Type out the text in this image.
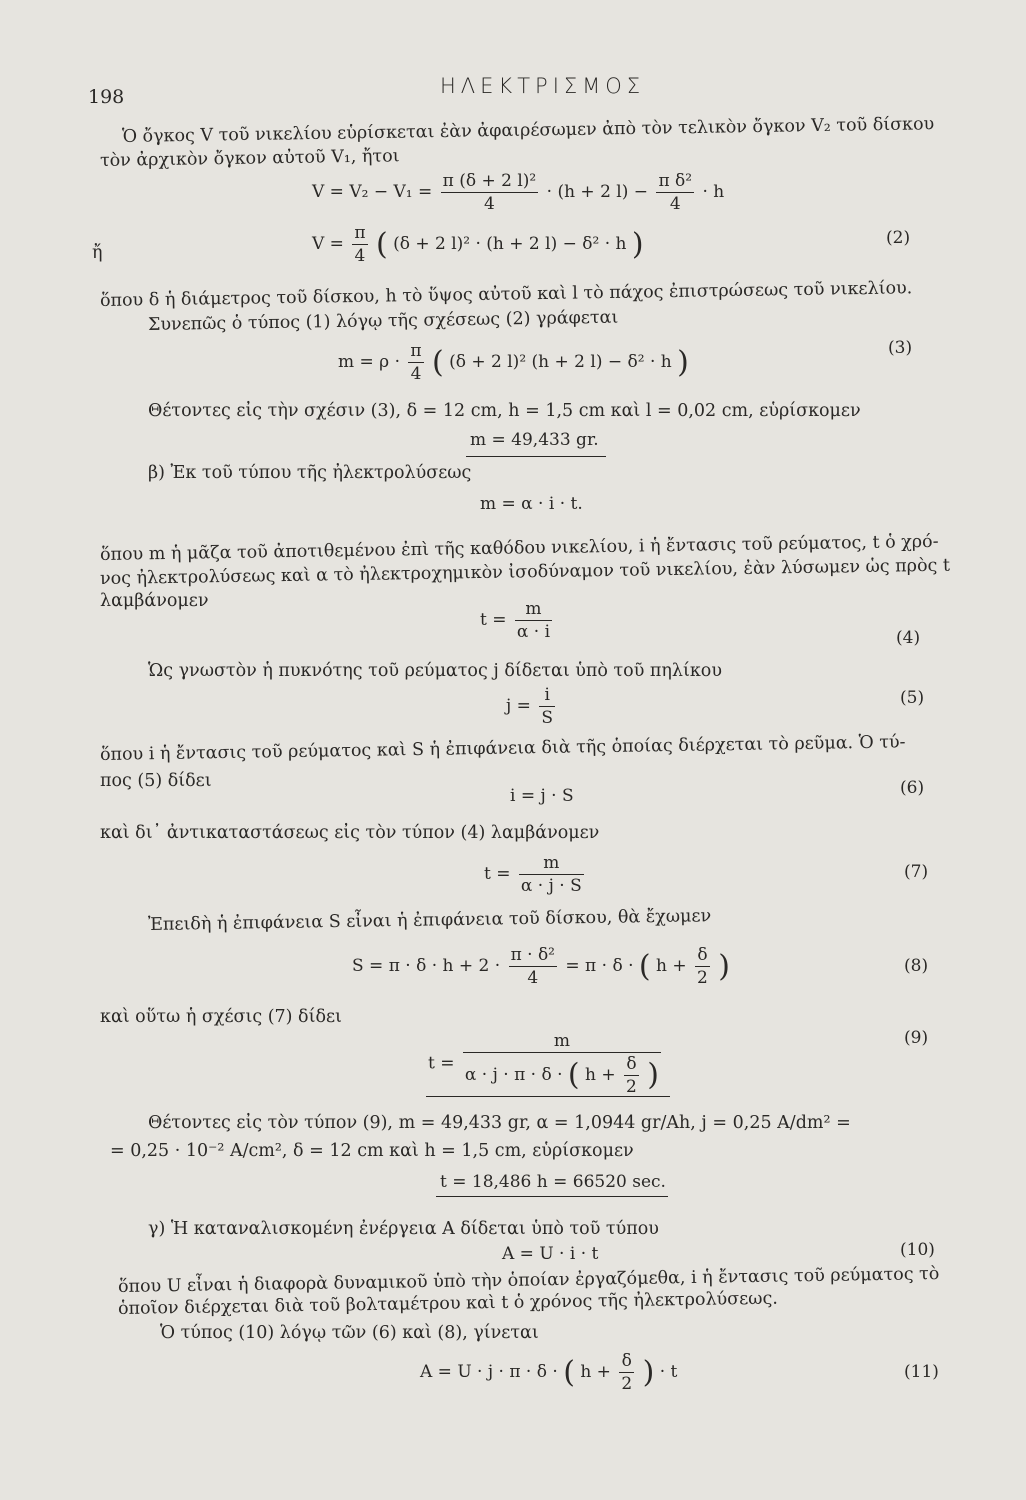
198	ΗΛΕΚΤΡΙΣΜΟΣ
Ὁ ὄγκος V τοῦ νικελίου εὑρίσκεται ἐὰν ἀφαιρέσωμεν ἀπὸ τὸν τελικὸν ὄγκον V₂ τοῦ δίσκου
τὸν ἀρχικὸν ὄγκον αὐτοῦ V₁, ἤτοι
$V = V_2 - V_1 = \frac{\text{π (δ + 2 l)²}}{4} \cdot (h + 2$ $l) - \frac{\text{π δ²}}{4} \cdot h$
ἤ	$V = \frac{\pi}{4}$ ( (δ + 2 l)² · (h + 2 l) − δ² · h )	(2)
ὅπου δ ἡ διάμετρος τοῦ δίσκου, h τὸ ὕψος αὐτοῦ καὶ l τὸ πάχος ἐπιστρώσεως τοῦ νικελίου.
Συνεπῶς ὁ τύπος (1) λόγῳ τῆς σχέσεως (2) γράφεται
$m = \rho \cdot \frac{\pi}{4}$ ( (δ + 2 l)² (h + 2 l) − δ² · h )	(3)
Θέτοντες εἰς τὴν σχέσιν (3), δ = 12 cm, h = 1,5 cm καὶ l = 0,02 cm, εὑρίσκομεν
m = 49,433 gr.
β) Ἐκ τοῦ τύπου τῆς ἠλεκτρολύσεως
m = α · i · t.
ὅπου m ἡ μᾶζα τοῦ ἀποτιθεμένου ἐπὶ τῆς καθόδου νικελίου, i ἡ ἔντασις τοῦ ρεύματος, t ὁ χρό-
νος ἠλεκτρολύσεως καὶ α τὸ ἠλεκτροχημικὸν ἰσοδύναμον τοῦ νικελίου, ἐὰν λύσωμεν ὡς πρὸς t
λαμβάνομεν
$t = \frac{m}{\alpha \cdot i}$	(4)
Ὡς γνωστὸν ἡ πυκνότης τοῦ ρεύματος j δίδεται ὑπὸ τοῦ πηλίκου
$j = \frac{i}{S}$	(5)
ὅπου i ἡ ἔντασις τοῦ ρεύματος καὶ S ἡ ἐπιφάνεια διὰ τῆς ὁποίας διέρχεται τὸ ρεῦμα. Ὁ τύ-
πος (5) δίδει
i = j · S	(6)
καὶ δι᾽ ἀντικαταστάσεως εἰς τὸν τύπον (4) λαμβάνομεν
$t = \frac{m}{\alpha \cdot j \cdot S}$	(7)
Ἐπειδὴ ἡ ἐπιφάνεια S εἶναι ἡ ἐπιφάνεια τοῦ δίσκου, θὰ ἔχωμεν
$S = \pi \cdot \delta \cdot h + 2 \cdot \frac{\text{π · δ²}}{4} = \pi \cdot \delta$ · ( $h + \frac{\delta}{2}$ )	(8)
καὶ οὕτω ἡ σχέσις (7) δίδει
t =
m
α · j · π · δ · ( $h + \frac{\delta}{2}$ )
(9)
Θέτοντες εἰς τὸν τύπον (9), m = 49,433 gr, α = 1,0944 gr/Ah, j = 0,25 A/dm² =
= 0,25 · 10⁻² A/cm², δ = 12 cm καὶ h = 1,5 cm, εὑρίσκομεν
t = 18,486 h = 66520 sec.
γ) Ἡ καταναλισκομένη ἐνέργεια A δίδεται ὑπὸ τοῦ τύπου
A = U · i · t	(10)
ὅπου U εἶναι ἡ διαφορὰ δυναμικοῦ ὑπὸ τὴν ὁποίαν ἐργαζόμεθα, i ἡ ἔντασις τοῦ ρεύματος τὸ
ὁποῖον διέρχεται διὰ τοῦ βολταμέτρου καὶ t ὁ χρόνος τῆς ἠλεκτρολύσεως.
Ὁ τύπος (10) λόγῳ τῶν (6) καὶ (8), γίνεται
A = U · j · π · δ · ( $h + \frac{\delta}{2}$ ) · t	(11)
